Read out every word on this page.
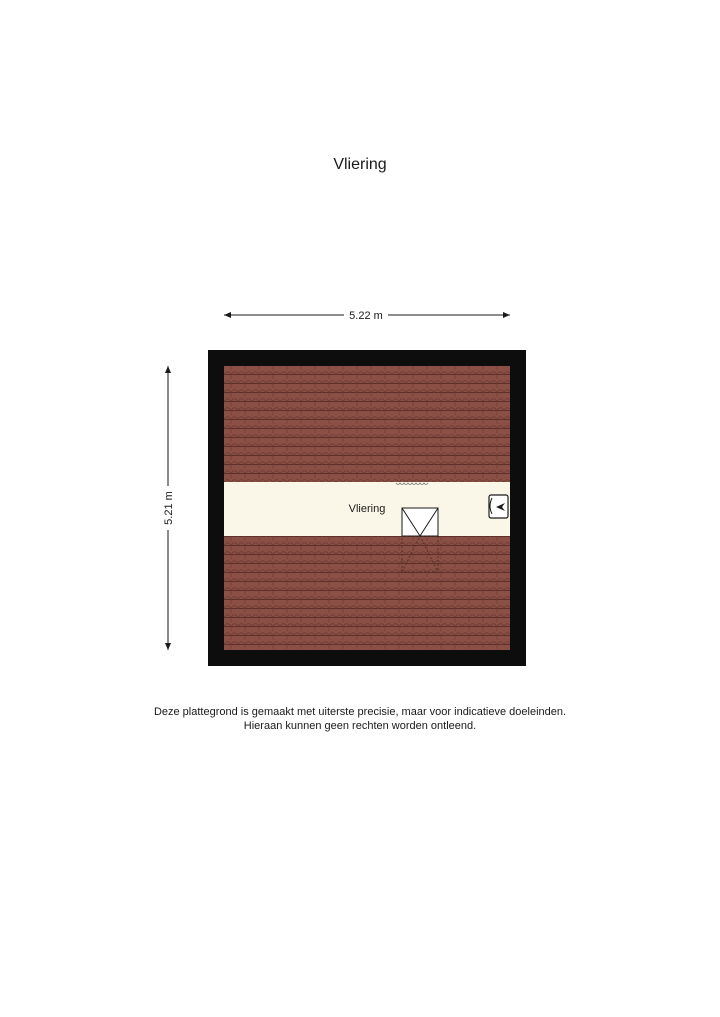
Vliering
5.22 m
5.21 m	Vliering
Deze plattegrond is gemaakt met uiterste precisie, maar voor indicatieve doeleinden.
Hieraan kunnen geen rechten worden ontleend.
